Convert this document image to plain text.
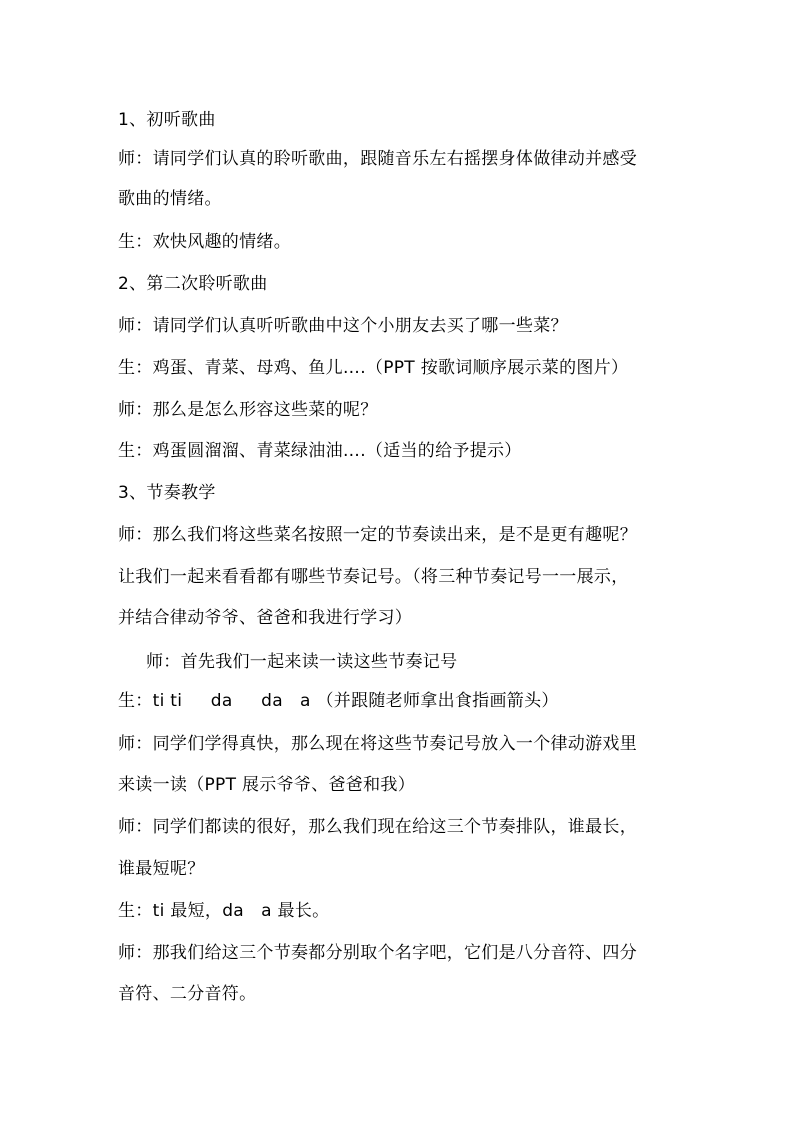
1、初听歌曲
师：请同学们认真的聆听歌曲，跟随音乐左右摇摆身体做律动并感受
歌曲的情绪。
生：欢快风趣的情绪。
2、第二次聆听歌曲
师：请同学们认真听听歌曲中这个小朋友去买了哪一些菜？
生：鸡蛋、青菜、母鸡、鱼儿….（PPT 按歌词顺序展示菜的图片）
师：那么是怎么形容这些菜的呢？
生：鸡蛋圆溜溜、青菜绿油油….（适当的给予提示）
3、节奏教学
师：那么我们将这些菜名按照一定的节奏读出来，是不是更有趣呢？
让我们一起来看看都有哪些节奏记号。（将三种节奏记号一一展示，
并结合律动爷爷、爸爸和我进行学习）
师：首先我们一起来读一读这些节奏记号
生：ti ti     da     da   a （并跟随老师拿出食指画箭头）
师：同学们学得真快，那么现在将这些节奏记号放入一个律动游戏里
来读一读（PPT 展示爷爷、爸爸和我）
师：同学们都读的很好，那么我们现在给这三个节奏排队，谁最长，
谁最短呢？
生：ti 最短，da   a 最长。
师：那我们给这三个节奏都分别取个名字吧，它们是八分音符、四分
音符、二分音符。
